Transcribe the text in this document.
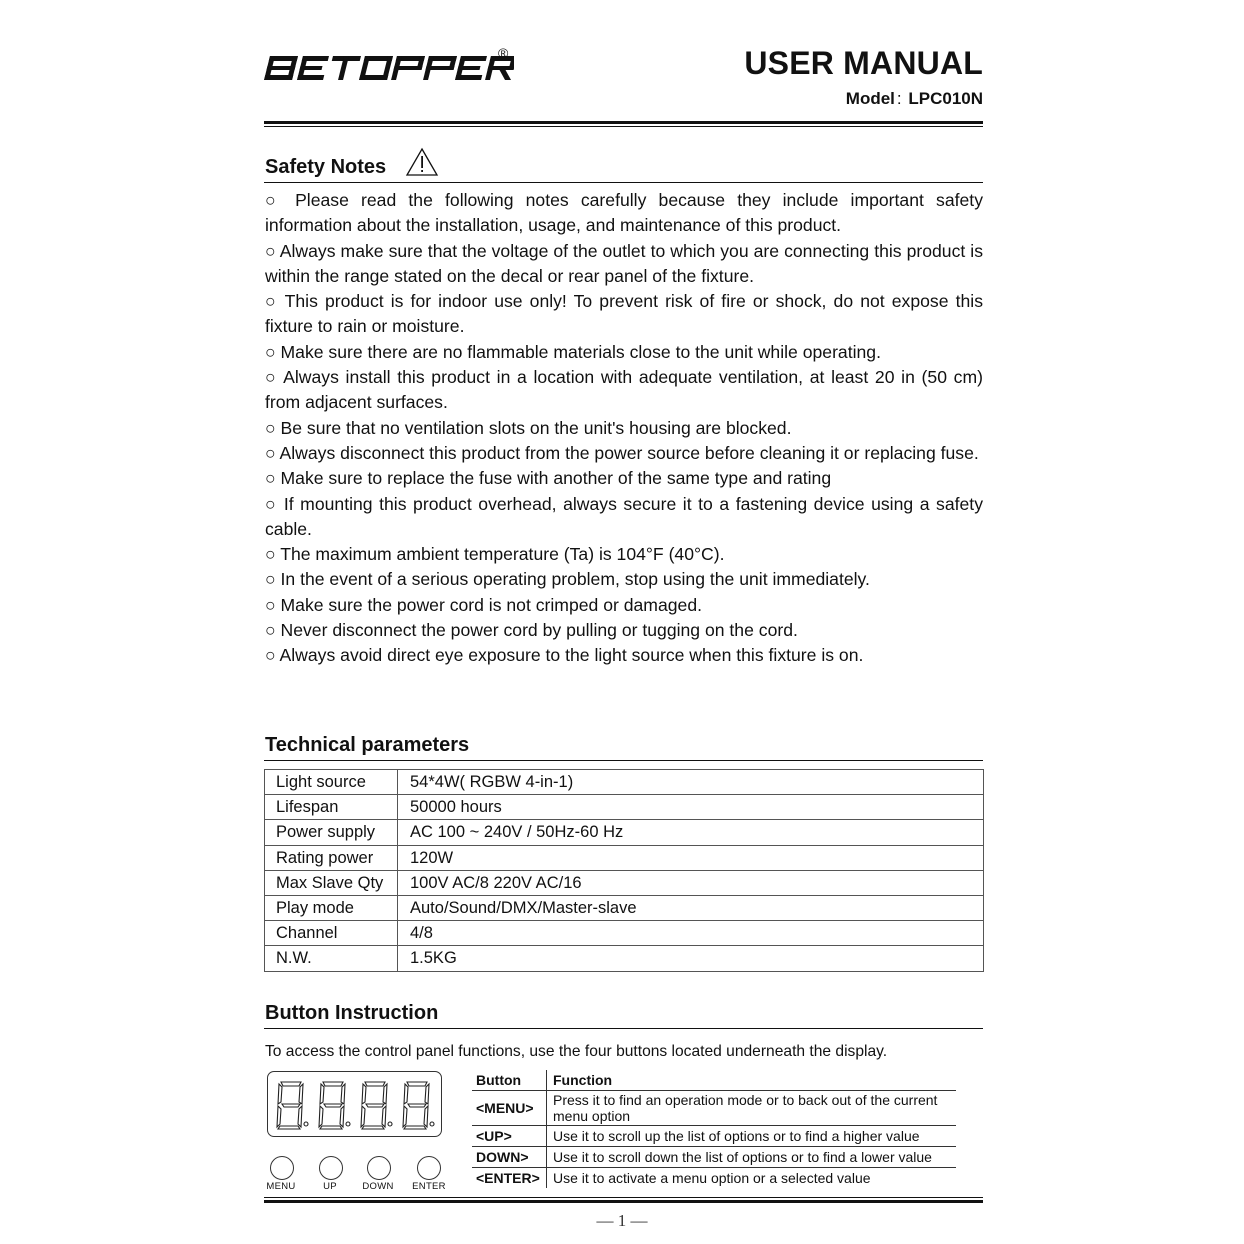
®	USER MANUAL
Model : LPC010N
Safety Notes

○ Please read the following notes carefully because they include important safety information about the installation, usage, and maintenance of this product.

○ Always make sure that the voltage of the outlet to which you are connecting this product is within the range stated on the decal or rear panel of the fixture.

○ This product is for indoor use only! To prevent risk of fire or shock, do not expose this fixture to rain or moisture.

○ Make sure there are no flammable materials close to the unit while operating.

○ Always install this product in a location with adequate ventilation, at least 20 in (50 cm) from adjacent surfaces.

○ Be sure that no ventilation slots on the unit's housing are blocked.

○ Always disconnect this product from the power source before cleaning it or replacing fuse.

○ Make sure to replace the fuse with another of the same type and rating

○ If mounting this product overhead, always secure it to a fastening device using a safety cable.

○ The maximum ambient temperature (Ta) is 104°F (40°C).

○ In the event of a serious operating problem, stop using the unit immediately.

○ Make sure the power cord is not crimped or damaged.

○ Never disconnect the power cord by pulling or tugging on the cord.

○ Always avoid direct eye exposure to the light source when this fixture is on.

Technical parameters
Light source	54*4W( RGBW 4-in-1)
Lifespan	50000 hours
Power supply	AC 100 ~ 240V / 50Hz-60 Hz
Rating power	120W
Max Slave Qty	100V AC/8 220V AC/16
Play mode	Auto/Sound/DMX/Master-slave
Channel	4/8
N.W.	1.5KG
Button Instruction
To access the control panel functions, use the four buttons located underneath the display.
MENU	UP	DOWN	ENTER
Button	Function
<MENU>	Press it to find an operation mode or to back out of the current menu option
<UP>	Use it to scroll up the list of options or to find a higher value
DOWN>	Use it to scroll down the list of options or to find a lower value
<ENTER>	Use it to activate a menu option or a selected value
— 1 —
